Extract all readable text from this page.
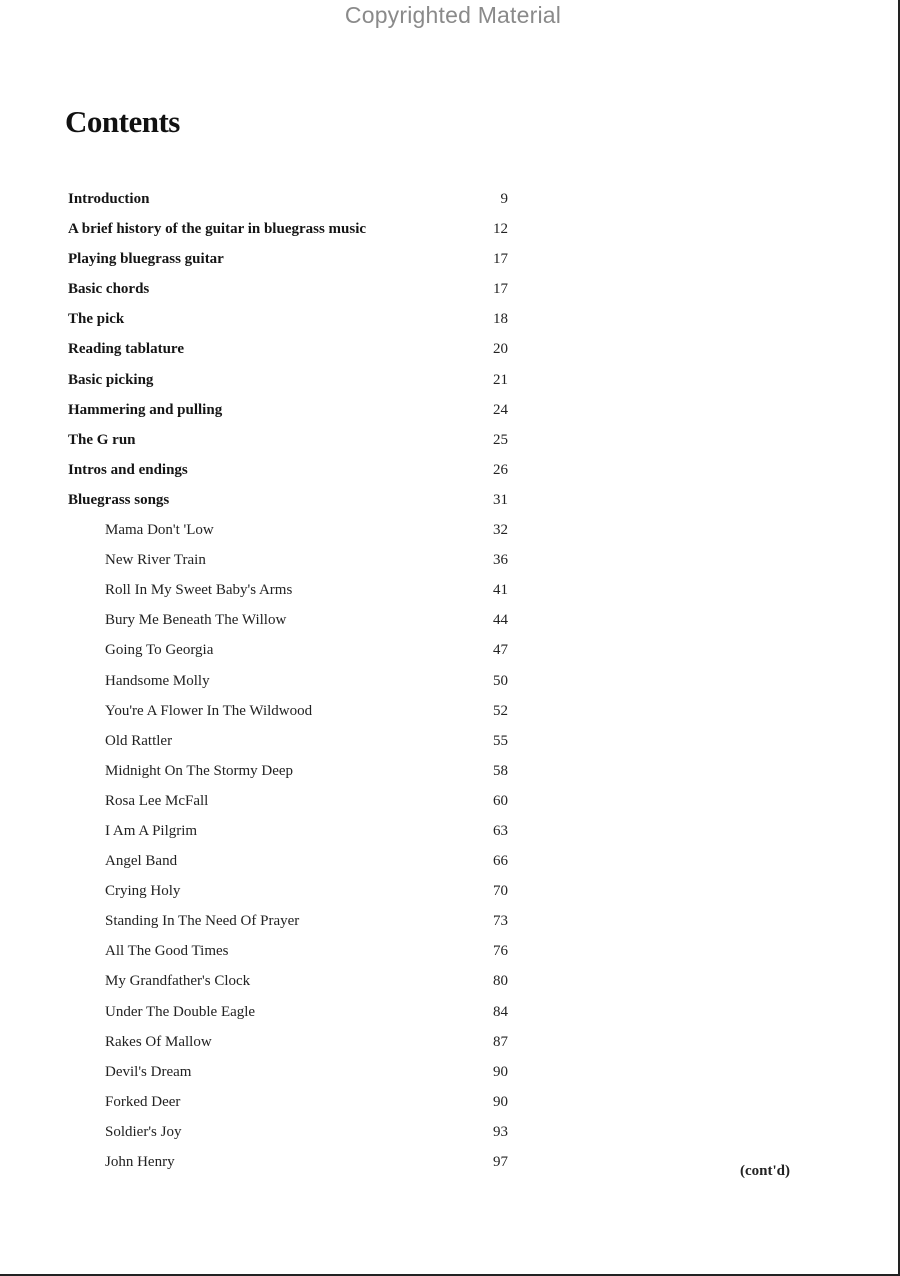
Copyrighted Material
Contents
Introduction	9
A brief history of the guitar in bluegrass music	12
Playing bluegrass guitar	17
Basic chords	17
The pick	18
Reading tablature	20
Basic picking	21
Hammering and pulling	24
The G run	25
Intros and endings	26
Bluegrass songs	31
Mama Don't 'Low	32
New River Train	36
Roll In My Sweet Baby's Arms	41
Bury Me Beneath The Willow	44
Going To Georgia	47
Handsome Molly	50
You're A Flower In The Wildwood	52
Old Rattler	55
Midnight On The Stormy Deep	58
Rosa Lee McFall	60
I Am A Pilgrim	63
Angel Band	66
Crying Holy	70
Standing In The Need Of Prayer	73
All The Good Times	76
My Grandfather's Clock	80
Under The Double Eagle	84
Rakes Of Mallow	87
Devil's Dream	90
Forked Deer	90
Soldier's Joy	93
John Henry	97
(cont'd)
